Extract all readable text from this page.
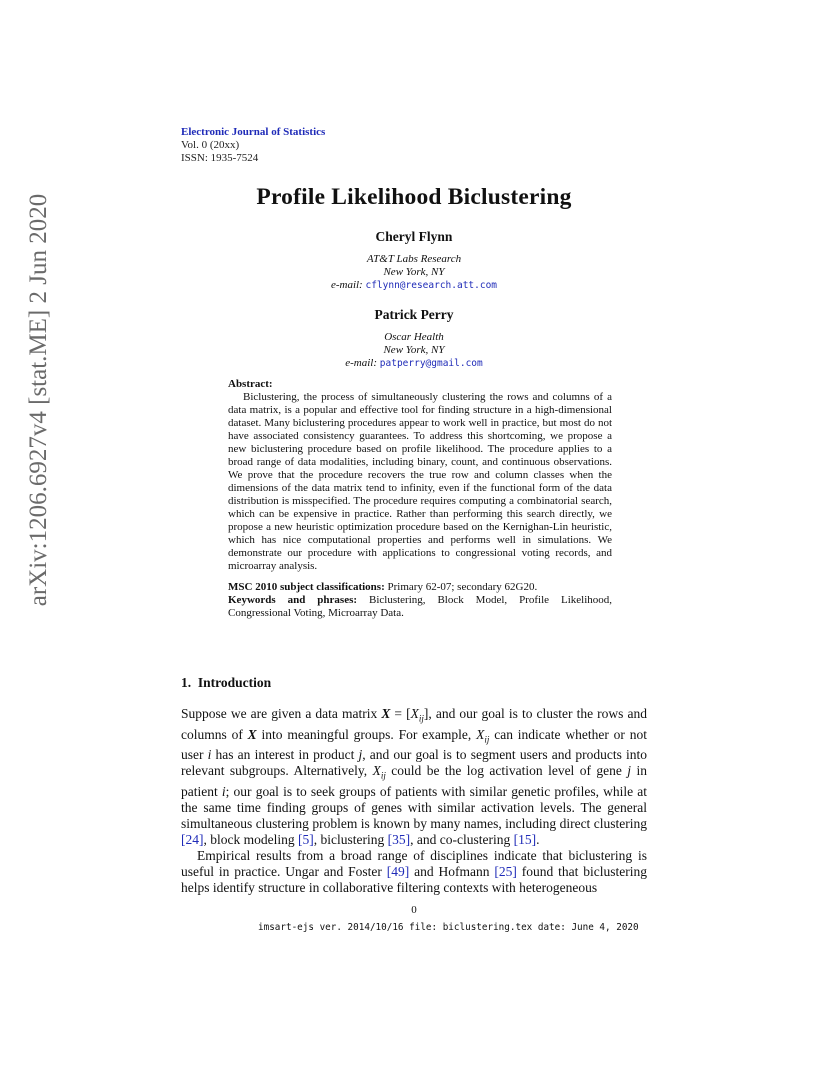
arXiv:1206.6927v4 [stat.ME] 2 Jun 2020
Electronic Journal of Statistics
Vol. 0 (20xx)
ISSN: 1935-7524
Profile Likelihood Biclustering
Cheryl Flynn
AT&T Labs Research
New York, NY
e-mail: cflynn@research.att.com
Patrick Perry
Oscar Health
New York, NY
e-mail: patperry@gmail.com
Abstract:

Biclustering, the process of simultaneously clustering the rows and columns of a data matrix, is a popular and effective tool for finding structure in a high-dimensional dataset. Many biclustering procedures appear to work well in practice, but most do not have associated consistency guarantees. To address this shortcoming, we propose a new biclustering procedure based on profile likelihood. The procedure applies to a broad range of data modalities, including binary, count, and continuous observations. We prove that the procedure recovers the true row and column classes when the dimensions of the data matrix tend to infinity, even if the functional form of the data distribution is misspecified. The procedure requires computing a combinatorial search, which can be expensive in practice. Rather than performing this search directly, we propose a new heuristic optimization procedure based on the Kernighan-Lin heuristic, which has nice computational properties and performs well in simulations. We demonstrate our procedure with applications to congressional voting records, and microarray analysis.

MSC 2010 subject classifications: Primary 62-07; secondary 62G20.

Keywords and phrases: Biclustering, Block Model, Profile Likelihood, Congressional Voting, Microarray Data.

1. Introduction

Suppose we are given a data matrix $X = [X_{ij}]$, and our goal is to cluster the rows and columns of X into meaningful groups. For example, $X_{ij}$ can indicate whether or not user i has an interest in product j, and our goal is to segment users and products into relevant subgroups. Alternatively, $X_{ij}$ could be the log activation level of gene j in patient i; our goal is to seek groups of patients with similar genetic profiles, while at the same time finding groups of genes with similar activation levels. The general simultaneous clustering problem is known by many names, including direct clustering [24], block modeling [5], biclustering [35], and co-clustering [15].

Empirical results from a broad range of disciplines indicate that biclustering is useful in practice. Ungar and Foster [49] and Hofmann [25] found that biclustering helps identify structure in collaborative filtering contexts with heterogeneous

0
imsart-ejs ver. 2014/10/16 file: biclustering.tex date: June 4, 2020
